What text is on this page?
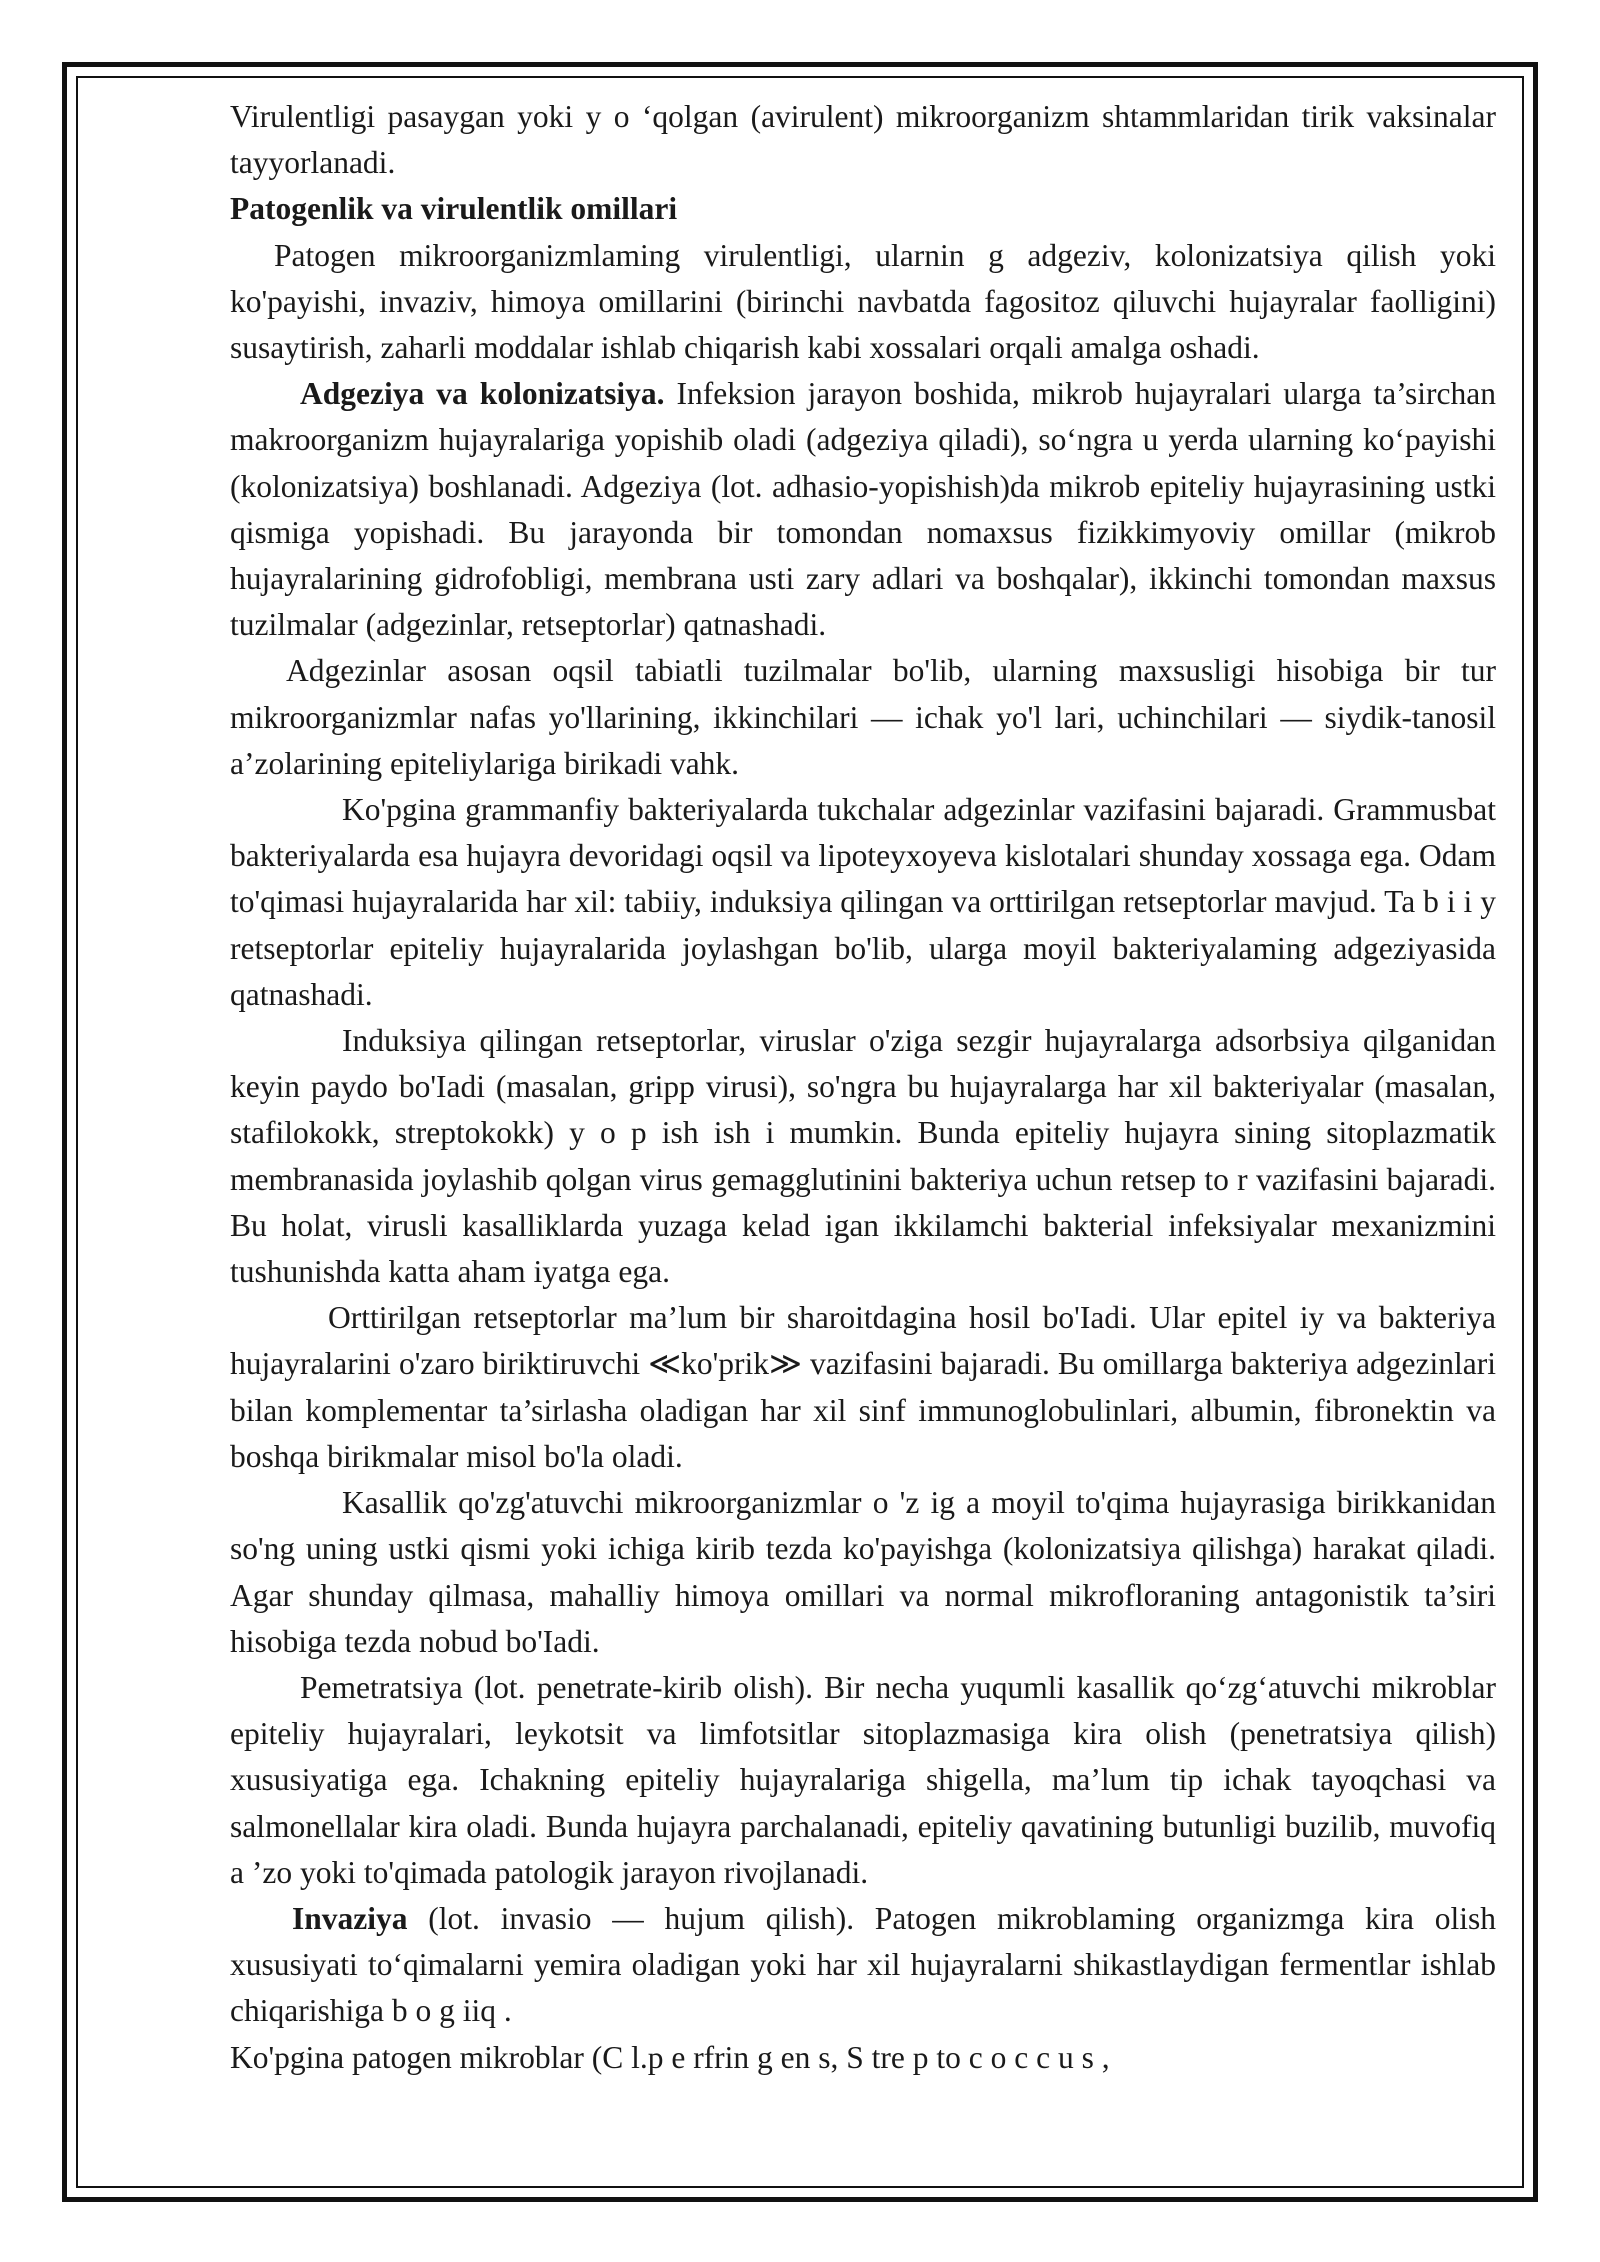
Virulentligi pasaygan yoki y o ‘qolgan (avirulent) mikroorganizm shtammlaridan tirik vaksinalar tayyorlanadi.

Patogenlik va virulentlik omillari

Patogen mikroorganizmlaming virulentligi, ularnin g adgeziv, kolonizatsiya qilish yoki ko'payishi, invaziv, himoya omillarini (birinchi navbatda fagositoz qiluvchi hujayralar faolligini) susaytirish, zaharli moddalar ishlab chiqarish kabi xossalari orqali amalga oshadi.

Adgeziya va kolonizatsiya. Infeksion jarayon boshida, mikrob hujayralari ularga ta’sirchan makroorganizm hujayralariga yopishib oladi (adgeziya qiladi), so‘ngra u yerda ularning ko‘payishi (kolonizatsiya) boshlanadi. Adgeziya (lot. adhasio-yopishish)da mikrob epiteliy hujayrasining ustki qismiga yopishadi. Bu jarayonda bir tomondan nomaxsus fizikkimyoviy omillar (mikrob hujayralarining gidrofobligi, membrana usti zary adlari va boshqalar), ikkinchi tomondan maxsus tuzilmalar (adgezinlar, retseptorlar) qatnashadi.

Adgezinlar asosan oqsil tabiatli tuzilmalar bo'lib, ularning maxsusligi hisobiga bir tur mikroorganizmlar nafas yo'llarining, ikkinchilari — ichak yo'l lari, uchinchilari — siydik-tanosil a’zolarining epiteliylariga birikadi vahk.

Ko'pgina grammanfiy bakteriyalarda tukchalar adgezinlar vazifasini bajaradi. Grammusbat bakteriyalarda esa hujayra devoridagi oqsil va lipoteyxoyeva kislotalari shunday xossaga ega. Odam to'qimasi hujayralarida har xil: tabiiy, induksiya qilingan va orttirilgan retseptorlar mavjud. Ta b i i y retseptorlar epiteliy hujayralarida joylashgan bo'lib, ularga moyil bakteriyalaming adgeziyasida qatnashadi.

Induksiya qilingan retseptorlar, viruslar o'ziga sezgir hujayralarga adsorbsiya qilganidan keyin paydo bo'Iadi (masalan, gripp virusi), so'ngra bu hujayralarga har xil bakteriyalar (masalan, stafilokokk, streptokokk) y o p ish ish i mumkin. Bunda epiteliy hujayra sining sitoplazmatik membranasida joylashib qolgan virus gemagglutinini bakteriya uchun retsep to r vazifasini bajaradi. Bu holat, virusli kasalliklarda yuzaga kelad igan ikkilamchi bakterial infeksiyalar mexanizmini tushunishda katta aham iyatga ega.

Orttirilgan retseptorlar ma’lum bir sharoitdagina hosil bo'Iadi. Ular epitel iy va bakteriya hujayralarini o'zaro biriktiruvchi ≪ko'prik≫ vazifasini bajaradi. Bu omillarga bakteriya adgezinlari bilan komplementar ta’sirlasha oladigan har xil sinf immunoglobulinlari, albumin, fibronektin va boshqa birikmalar misol bo'la oladi.

Kasallik qo'zg'atuvchi mikroorganizmlar o 'z ig a moyil to'qima hujayrasiga birikkanidan so'ng uning ustki qismi yoki ichiga kirib tezda ko'payishga (kolonizatsiya qilishga) harakat qiladi. Agar shunday qilmasa, mahalliy himoya omillari va normal mikrofloraning antagonistik ta’siri hisobiga tezda nobud bo'Iadi.

Pemetratsiya (lot. penetrate-kirib olish). Bir necha yuqumli kasallik qo‘zg‘atuvchi mikroblar epiteliy hujayralari, leykotsit va limfotsitlar sitoplazmasiga kira olish (penetratsiya qilish) xususiyatiga ega. Ichakning epiteliy hujayralariga shigella, ma’lum tip ichak tayoqchasi va salmonellalar kira oladi. Bunda hujayra parchalanadi, epiteliy qavatining butunligi buzilib, muvofiq a ’zo yoki to'qimada patologik jarayon rivojlanadi.

Invaziya (lot. invasio — hujum qilish). Patogen mikroblaming organizmga kira olish xususiyati to‘qimalarni yemira oladigan yoki har xil hujayralarni shikastlaydigan fermentlar ishlab chiqarishiga b o g iiq .

Ko'pgina patogen mikroblar (C l.p e rfrin g en s, S tre p to c o c c u s ,
